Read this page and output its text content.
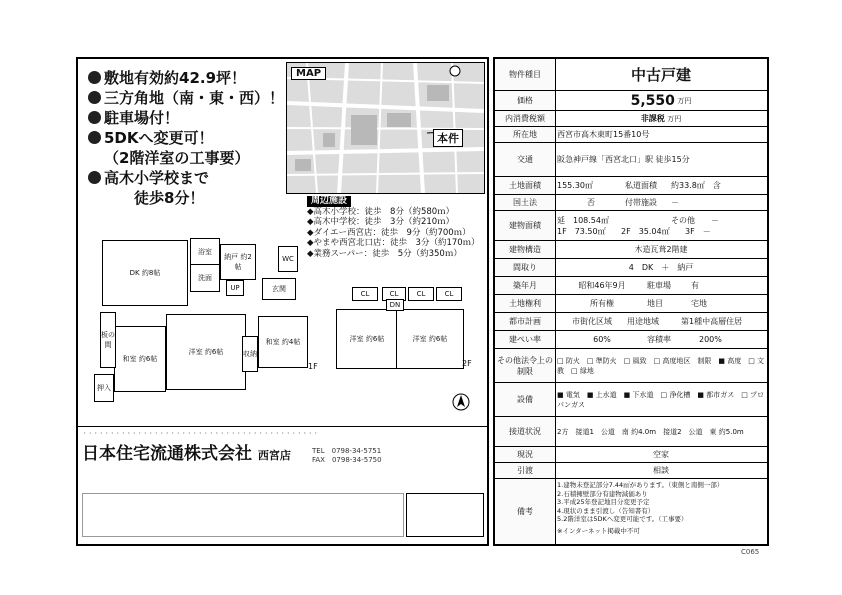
敷地有効約42.9坪！
三方角地（南・東・西）！
駐車場付！
5DKへ変更可！
（2階洋室の工事要）
高木小学校まで
徒歩8分！
MAP
本件
周辺施設
◆高木小学校：徒歩　8分（約580ｍ）
◆高木中学校：徒歩　3分（約210ｍ）
◆ダイエー西宮店：徒歩　9分（約700ｍ）
◆やまや西宮北口店：徒歩　3分（約170ｍ）
◆業務スーパー：徒歩　5分（約350ｍ）
DK 約8帖
浴室
洗面
納戸 約2帖
和室 約6帖
洋室 約6帖
和室 約4帖
押入
玄関
収納
板の間
UP
WC
1F
洋室 約6帖	洋室 約6帖
CL	CL	CL	CL
DN
2F
・・・・・・・・・・・・・・・・・・・・・・・・・・・・・・・・・・・・・・・・・・・
日本住宅流通株式会社 西宮店	TEL　 0798-34-5751
FAX　 0798-34-5750
物件種目	中古戸建
価格	5,550
万円
内消費税額	非課税
万円
所在地	西宮市高木東町15番10号
交通	阪急神戸線「西宮北口」駅 徒歩15分
土地面積	155.30㎡	私道面積	約33.8㎡　含
国土法	否	付帯施設	－
建物面積
延　108.54㎡	その他 －
1F　73.50㎡ 2F　35.04㎡ 3F　－
建物構造	木造瓦葺2階建
間取り	4　DK　＋　納戸
築年月	昭和46年9月	駐車場	有
土地権利	所有権	地目	宅地
都市計画	市街化区域	用途地域	第1種中高層住居
建ぺい率	60%	容積率	200%
その他法令上の制限
□ 防火　□ 準防火　□ 風致　□ 高度地区　制限　■ 高度　□ 文教　□ 緑地
設備
■ 電気　■ 上水道　■ 下水道　□ 浄化槽　■ 都市ガス　□ プロパンガス
接道状況	2方　接道1　公道　南 約4.0m　接道2　公道　東 約5.0m
現況	空家
引渡	相談
備考
1.建物未登記部分7.44㎡があります。（東側と南側一部）
2.石積擁壁部分有建物減価あり
3.平成25年登記地目分変更予定
4.現状のまま引渡し（告知書有）
5.2階洋室は5DKへ変更可能です。（工事要）
※インターネット掲載中不可
C065
